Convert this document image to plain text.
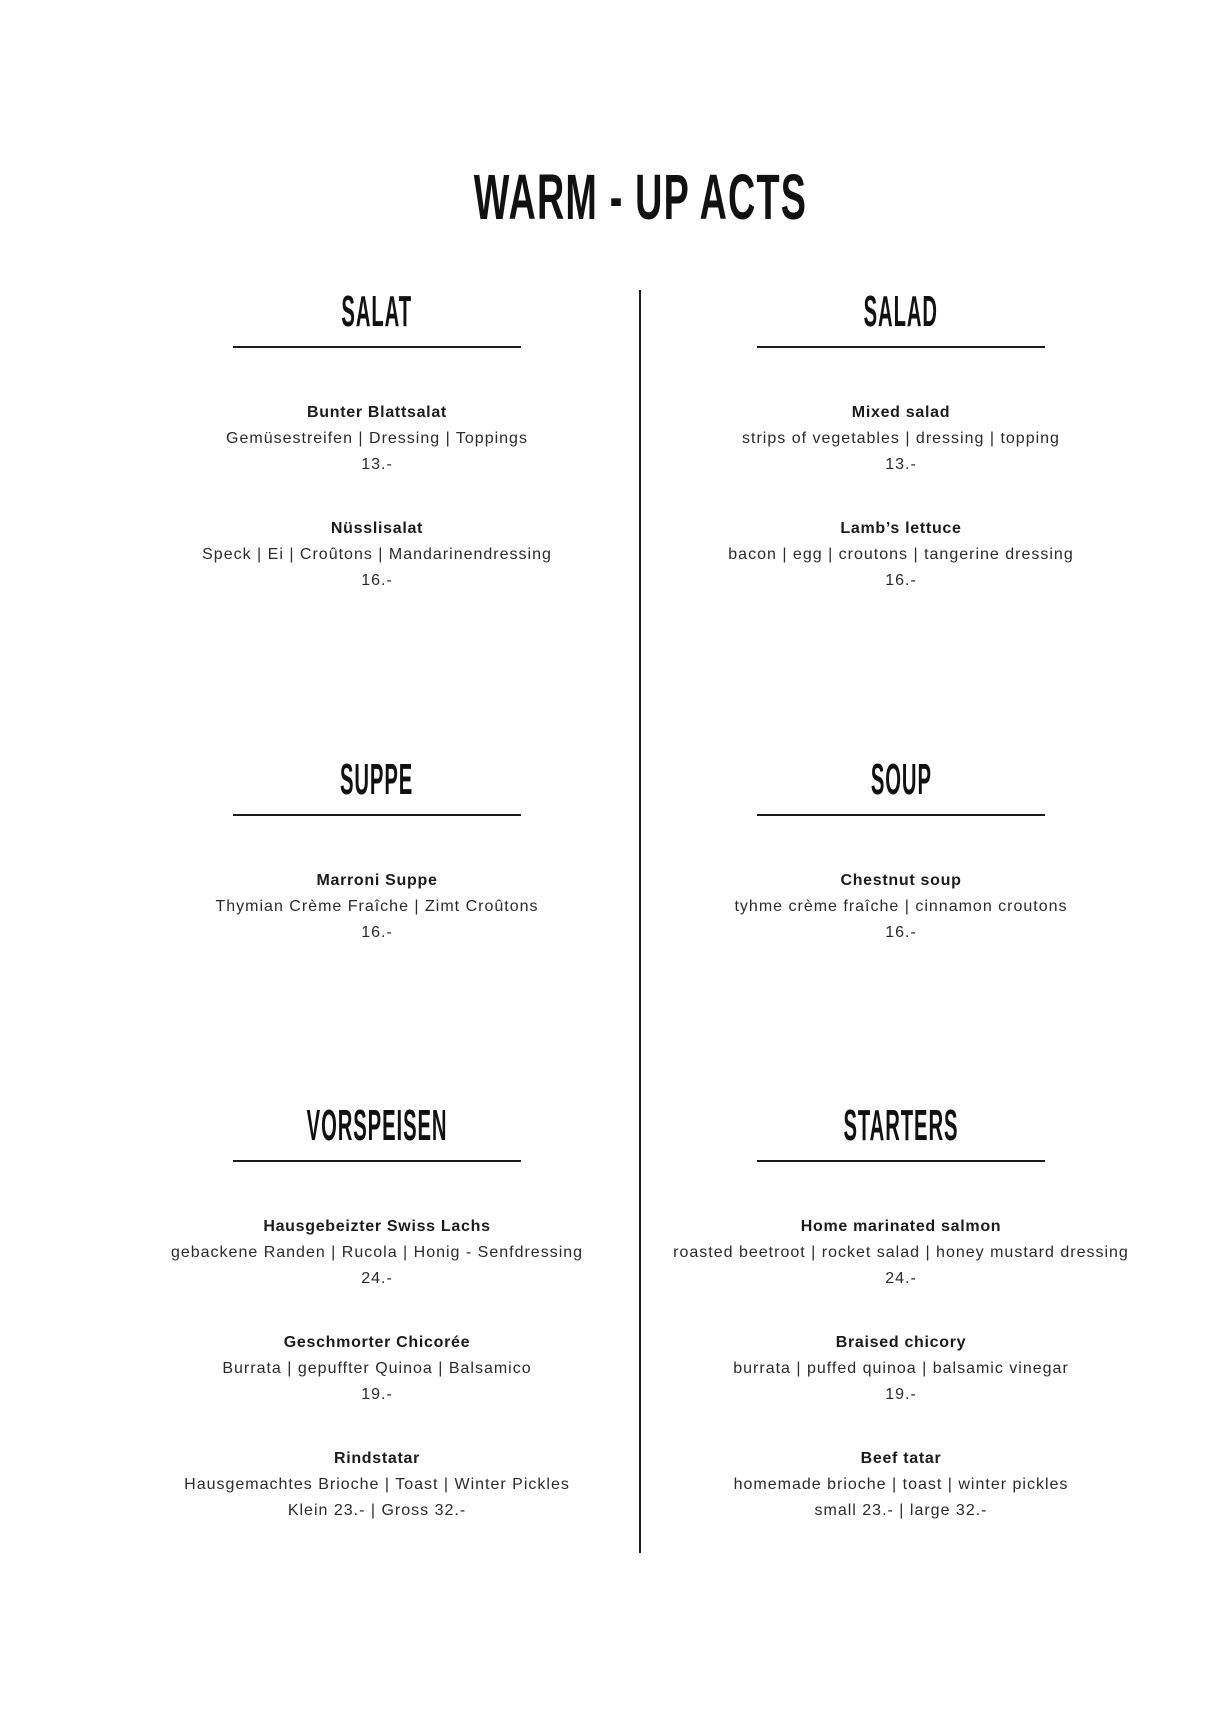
WARM - UP ACTS
SALAT
Bunter Blattsalat
Gemüsestreifen | Dressing | Toppings
13.-
Nüsslisalat
Speck | Ei | Croûtons | Mandarinendressing
16.-
SUPPE
Marroni Suppe
Thymian Crème Fraîche | Zimt Croûtons
16.-
VORSPEISEN
Hausgebeizter Swiss Lachs
gebackene Randen | Rucola | Honig - Senfdressing
24.-
Geschmorter Chicorée
Burrata | gepuffter Quinoa | Balsamico
19.-
Rindstatar
Hausgemachtes Brioche | Toast | Winter Pickles
Klein 23.- | Gross 32.-
SALAD
Mixed salad
strips of vegetables | dressing | topping
13.-
Lamb’s lettuce
bacon | egg | croutons | tangerine dressing
16.-
SOUP
Chestnut soup
tyhme crème fraîche | cinnamon croutons
16.-
STARTERS
Home marinated salmon
roasted beetroot | rocket salad | honey mustard dressing
24.-
Braised chicory
burrata | puffed quinoa | balsamic vinegar
19.-
Beef tatar
homemade brioche | toast | winter pickles
small 23.- | large 32.-
